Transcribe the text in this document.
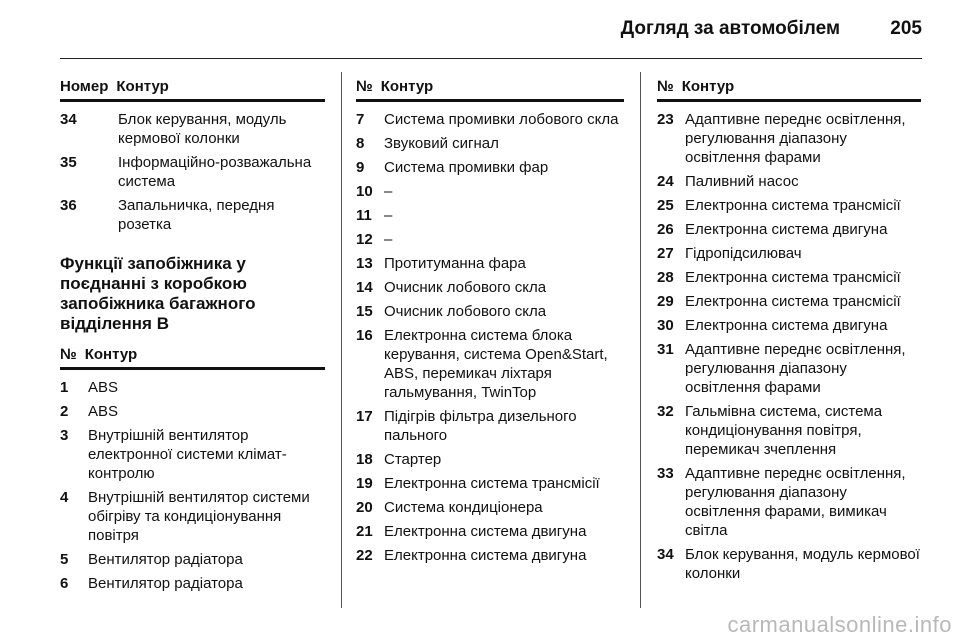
Догляд за автомобілем	205
Номер Контур
34	Блок керування, модуль кермової колонки
35	Інформаційно-розважальна система
36	Запальничка, передня розетка
Функції запобіжника у поєднанні з коробкою запобіжника багажного відділення B
№ Контур
1	ABS
2	ABS
3	Внутрішній вентилятор електронної системи клімат-контролю
4	Внутрішній вентилятор системи обігріву та кондиціонування повітря
5	Вентилятор радіатора
6	Вентилятор радіатора
№ Контур
7	Система промивки лобового скла
8	Звуковий сигнал
9	Система промивки фар
10 –
11 –
12 –
13 Протитуманна фара
14 Очисник лобового скла
15 Очисник лобового скла
16 Електронна система блока керування, система Open&Start, ABS, перемикач ліхтаря гальмування, TwinTop
17 Підігрів фільтра дизельного пального
18 Стартер
19 Електронна система трансмісії
20 Система кондиціонера
21 Електронна система двигуна
22 Електронна система двигуна
№ Контур
23 Адаптивне переднє освітлення, регулювання діапазону освітлення фарами
24 Паливний насос
25 Електронна система трансмісії
26 Електронна система двигуна
27 Гідропідсилювач
28 Електронна система трансмісії
29 Електронна система трансмісії
30 Електронна система двигуна
31 Адаптивне переднє освітлення, регулювання діапазону освітлення фарами
32 Гальмівна система, система кондиціонування повітря, перемикач зчеплення
33 Адаптивне переднє освітлення, регулювання діапазону освітлення фарами, вимикач світла
34 Блок керування, модуль кермової колонки
carmanualsonline.info
